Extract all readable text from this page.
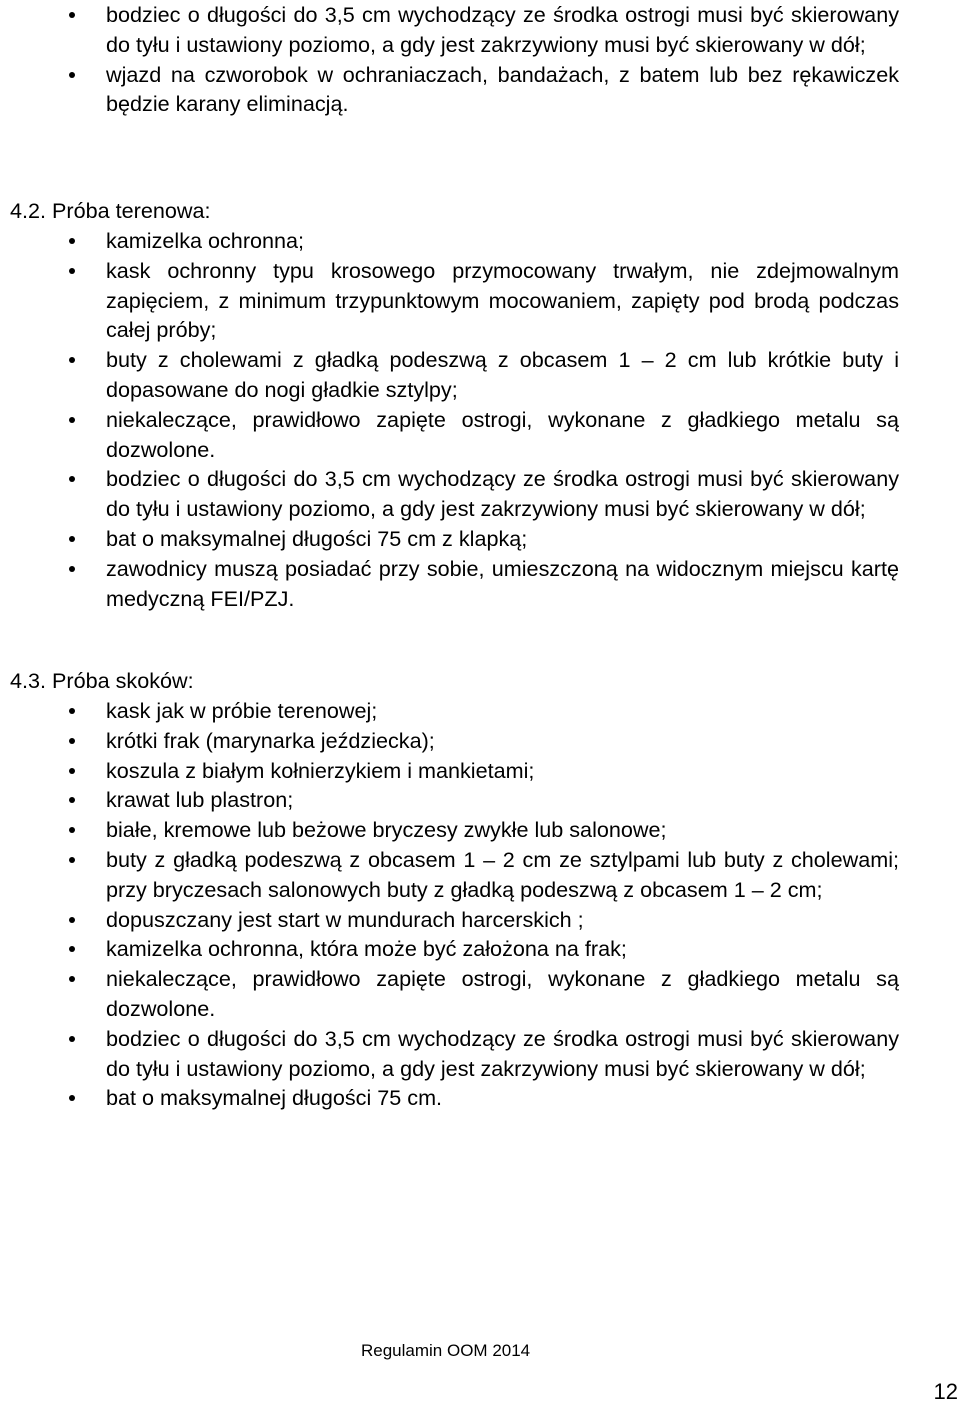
bodziec o długości do 3,5 cm wychodzący ze środka ostrogi musi być skierowany do tyłu i ustawiony poziomo, a gdy jest zakrzywiony musi być skierowany w dół;
wjazd na czworobok w ochraniaczach, bandażach, z batem lub bez rękawiczek będzie karany eliminacją.
4.2. Próba terenowa:
kamizelka ochronna;
kask ochronny typu krosowego przymocowany trwałym, nie zdejmowalnym zapięciem, z minimum trzypunktowym mocowaniem, zapięty pod brodą podczas całej próby;
buty z cholewami z gładką podeszwą z obcasem 1 – 2 cm lub krótkie buty i dopasowane do nogi gładkie sztylpy;
niekaleczące, prawidłowo zapięte ostrogi, wykonane z gładkiego metalu są dozwolone.
bodziec o długości do 3,5 cm wychodzący ze środka ostrogi musi być skierowany do tyłu i ustawiony poziomo, a gdy jest zakrzywiony musi być skierowany w dół;
bat o maksymalnej długości 75 cm z klapką;
zawodnicy muszą posiadać przy sobie, umieszczoną na widocznym miejscu kartę medyczną FEI/PZJ.
4.3. Próba skoków:
kask jak w próbie terenowej;
krótki frak (marynarka jeździecka);
koszula z białym kołnierzykiem i mankietami;
krawat lub plastron;
białe, kremowe lub beżowe bryczesy zwykłe lub salonowe;
buty z gładką podeszwą z obcasem 1 – 2 cm ze sztylpami lub buty z cholewami; przy bryczesach salonowych buty z gładką podeszwą z obcasem 1 – 2 cm;
dopuszczany jest start w mundurach harcerskich ;
kamizelka ochronna, która może być założona na frak;
niekaleczące, prawidłowo zapięte ostrogi, wykonane z gładkiego metalu są dozwolone.
bodziec o długości do 3,5 cm wychodzący ze środka ostrogi musi być skierowany do tyłu i ustawiony poziomo, a gdy jest zakrzywiony musi być skierowany w dół;
bat o maksymalnej długości 75 cm.
Regulamin OOM 2014
12
